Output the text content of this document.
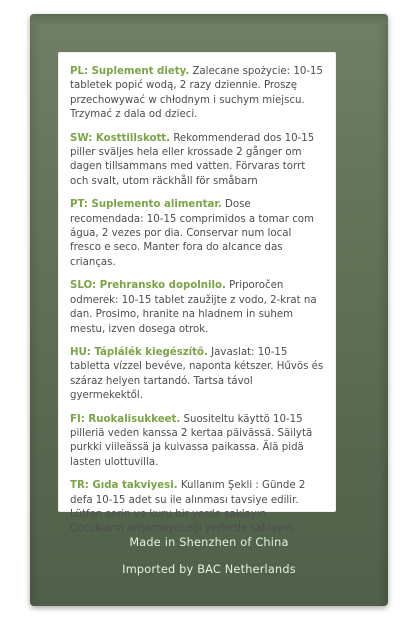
PL: Suplement diety. Zalecane spożycie: 10-15 tabletek popić wodą, 2 razy dziennie. Proszę przechowywać w chłodnym i suchym miejscu. Trzymać z dala od dzieci.

SW: Kosttillskott. Rekommenderad dos 10-15 piller sväljes hela eller krossade 2 gånger om dagen tillsammans med vatten. Förvaras torrt och svalt, utom räckhåll för småbarn

PT: Suplemento alimentar. Dose recomendada: 10-15 comprimidos a tomar com água, 2 vezes por dia. Conservar num local fresco e seco. Manter fora do alcance das crianças.

SLO: Prehransko dopolnilo. Priporočen odmerek: 10-15 tablet zaužijte z vodo, 2-krat na dan. Prosimo, hranite na hladnem in suhem mestu, izven dosega otrok.

HU: Táplálék kiegészítő. Javaslat: 10-15 tabletta vízzel bevéve, naponta kétszer. Hűvös és száraz helyen tartandó. Tartsa távol gyermekektől.

FI: Ruokalisukkeet. Suositeltu käyttö 10-15 pilleriä veden kanssa 2 kertaa päivässä. Säilytä purkki viileässä ja kuivassa paikassa. Älä pidä lasten ulottuvilla.

TR: Gıda takviyesi. Kullanım Şekli : Günde 2 defa 10-15 adet su ile alınması tavsiye edilir. Lütfen serin ve kuru bir yerde saklayın. Çocukların erişemeyeceği yerlerde saklayın.

Made in Shenzhen of China
Imported by BAC Netherlands
